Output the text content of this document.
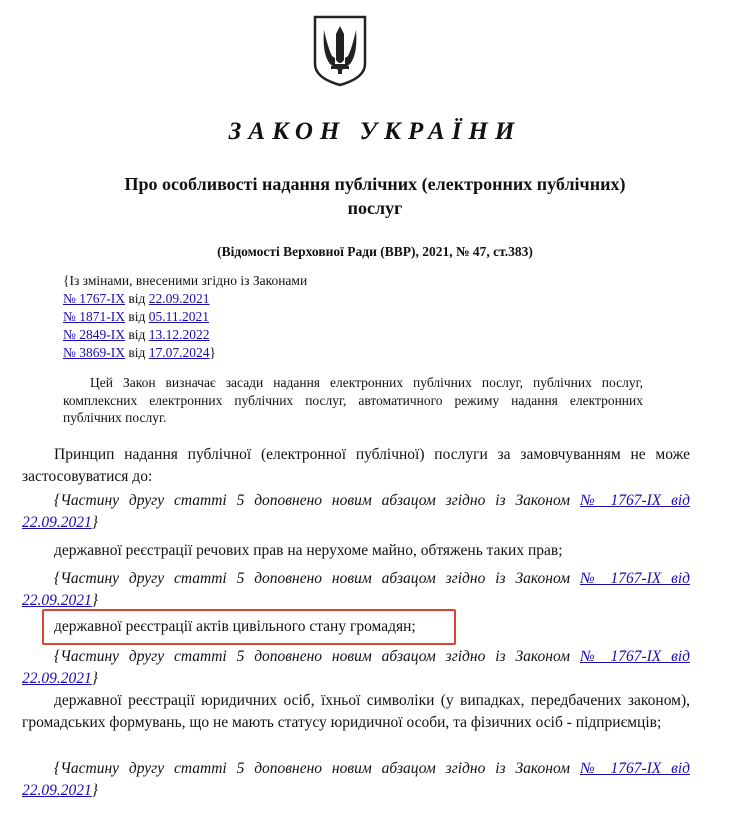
ЗАКОН УКРАЇНИ
Про особливості надання публічних (електронних публічних)
послуг
(Відомості Верховної Ради (ВВР), 2021, № 47, ст.383)
{Із змінами, внесеними згідно із Законами
№ 1767-IX від 22.09.2021
№ 1871-IX від 05.11.2021
№ 2849-IX від 13.12.2022
№ 3869-IX від 17.07.2024}
Цей Закон визначає засади надання електронних публічних послуг, публічних послуг, комплексних електронних публічних послуг, автоматичного режиму надання електронних публічних послуг.
Принцип надання публічної (електронної публічної) послуги за замовчуванням не може застосовуватися до:
{Частину другу статті 5 доповнено новим абзацом згідно із Законом № 1767-IX від 22.09.2021}
державної реєстрації речових прав на нерухоме майно, обтяжень таких прав;
{Частину другу статті 5 доповнено новим абзацом згідно із Законом № 1767-IX від 22.09.2021}
державної реєстрації актів цивільного стану громадян;
{Частину другу статті 5 доповнено новим абзацом згідно із Законом № 1767-IX від 22.09.2021}
державної реєстрації юридичних осіб, їхньої символіки (у випадках, передбачених законом), громадських формувань, що не мають статусу юридичної особи, та фізичних осіб - підприємців;
{Частину другу статті 5 доповнено новим абзацом згідно із Законом № 1767-IX від 22.09.2021}
